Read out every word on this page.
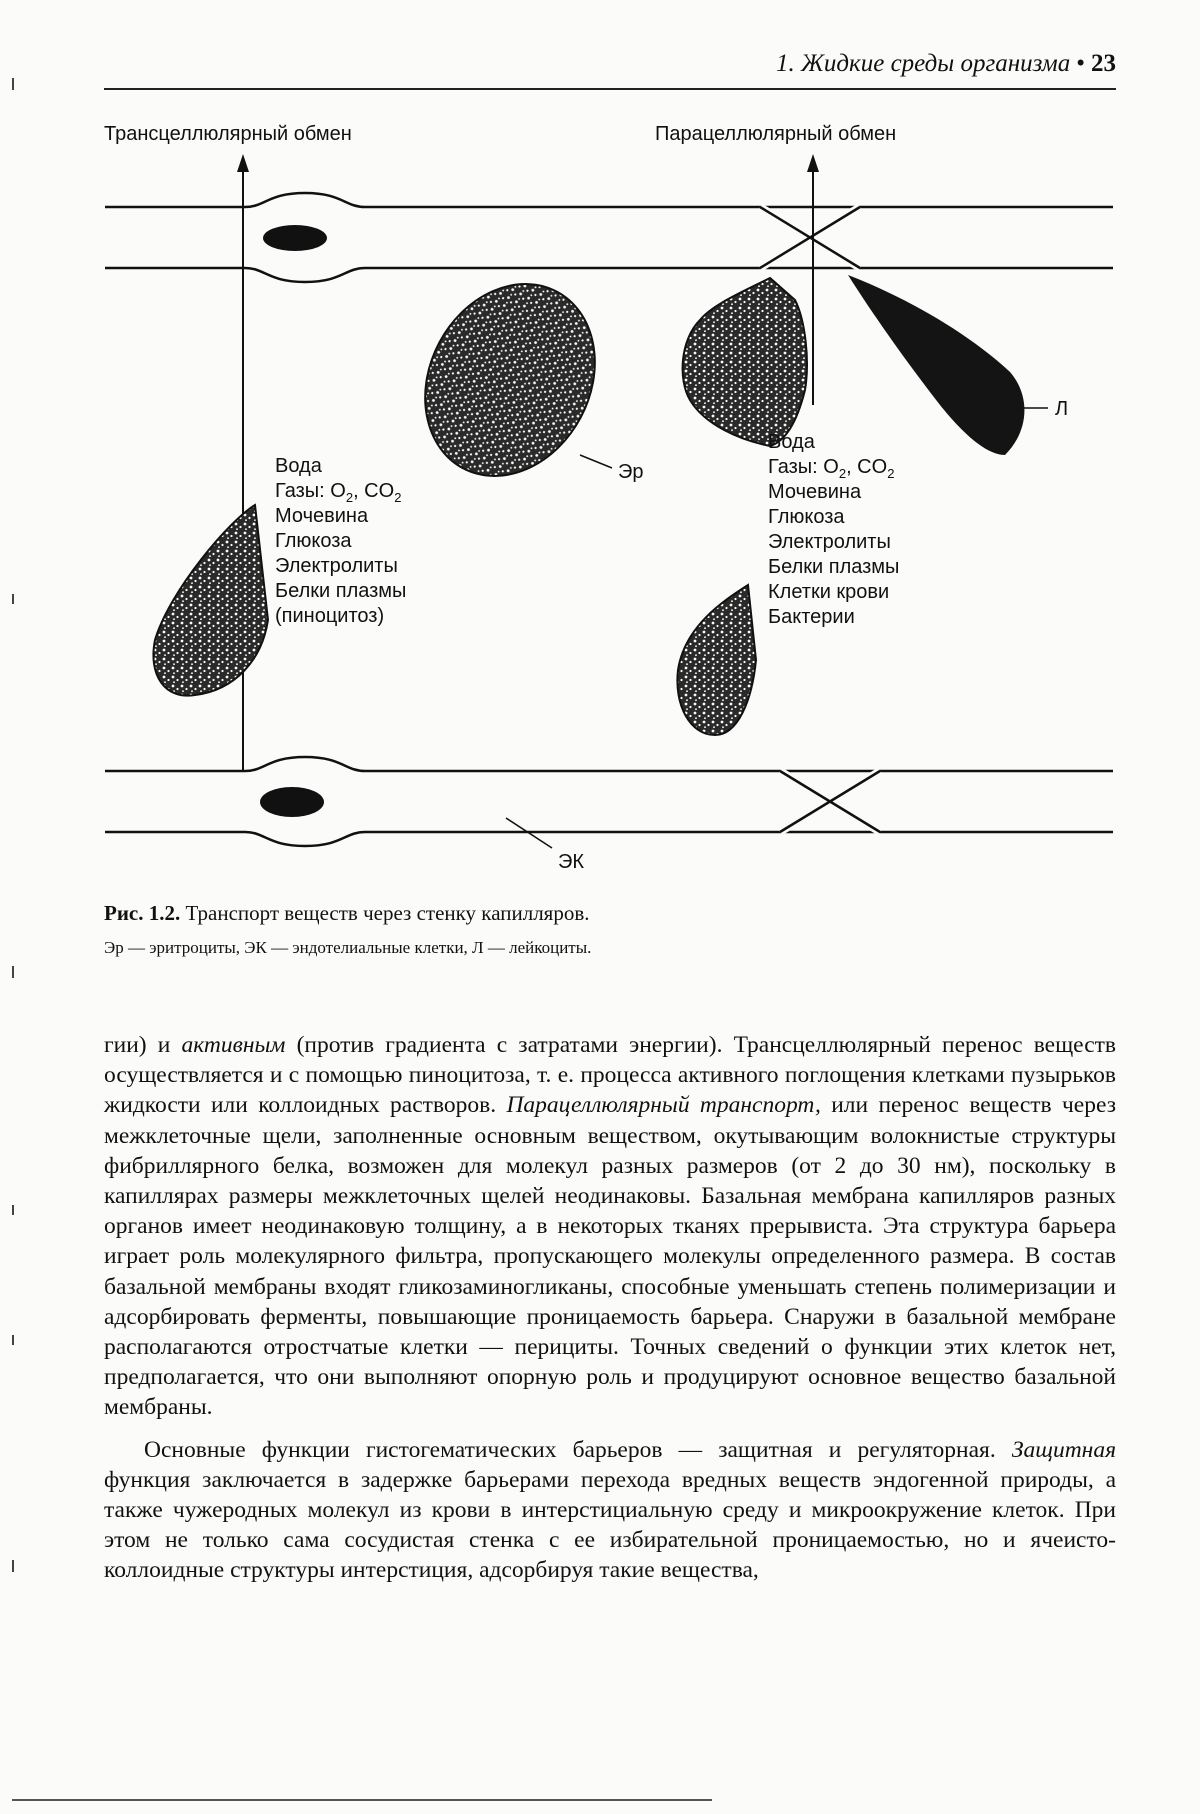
1. Жидкие среды организма • 23
Трансцеллюлярный обмен	Парацеллюлярный обмен
Вода
Газы: $O_2$, $CO_2$
Мочевина
Глюкоза
Электролиты
Белки плазмы
(пиноцитоз)
Вода
Газы: $O_2$, $CO_2$
Мочевина
Глюкоза
Электролиты
Белки плазмы
Клетки крови
Бактерии
Эр
Л
ЭК
Рис. 1.2. Транспорт веществ через стенку капилляров.
Эр — эритроциты, ЭК — эндотелиальные клетки, Л — лейкоциты.

гии) и активным (против градиента с затратами энергии). Трансцеллюлярный перенос веществ осуществляется и с помощью пиноцитоза, т. е. процесса активного поглощения клетками пузырьков жидкости или коллоидных растворов. Парацеллюлярный транспорт, или перенос веществ через межклеточные щели, заполненные основным веществом, окутывающим волокнистые структуры фибриллярного белка, возможен для молекул разных размеров (от 2 до 30 нм), поскольку в капиллярах размеры межклеточных щелей неодинаковы. Базальная мембрана капилляров разных органов имеет неодинаковую толщину, а в некоторых тканях прерывиста. Эта структура барьера играет роль молекулярного фильтра, пропускающего молекулы определенного размера. В состав базальной мембраны входят гликозаминогликаны, способные уменьшать степень полимеризации и адсорбировать ферменты, повышающие проницаемость барьера. Снаружи в базальной мембране располагаются отростчатые клетки — перициты. Точных сведений о функции этих клеток нет, предполагается, что они выполняют опорную роль и продуцируют основное вещество базальной мембраны.

Основные функции гистогематических барьеров — защитная и регуляторная. Защитная функция заключается в задержке барьерами перехода вредных веществ эндогенной природы, а также чужеродных молекул из крови в интерстициальную среду и микроокружение клеток. При этом не только сама сосудистая стенка с ее избирательной проницаемостью, но и ячеисто-коллоидные структуры интерстиция, адсорбируя такие вещества,
